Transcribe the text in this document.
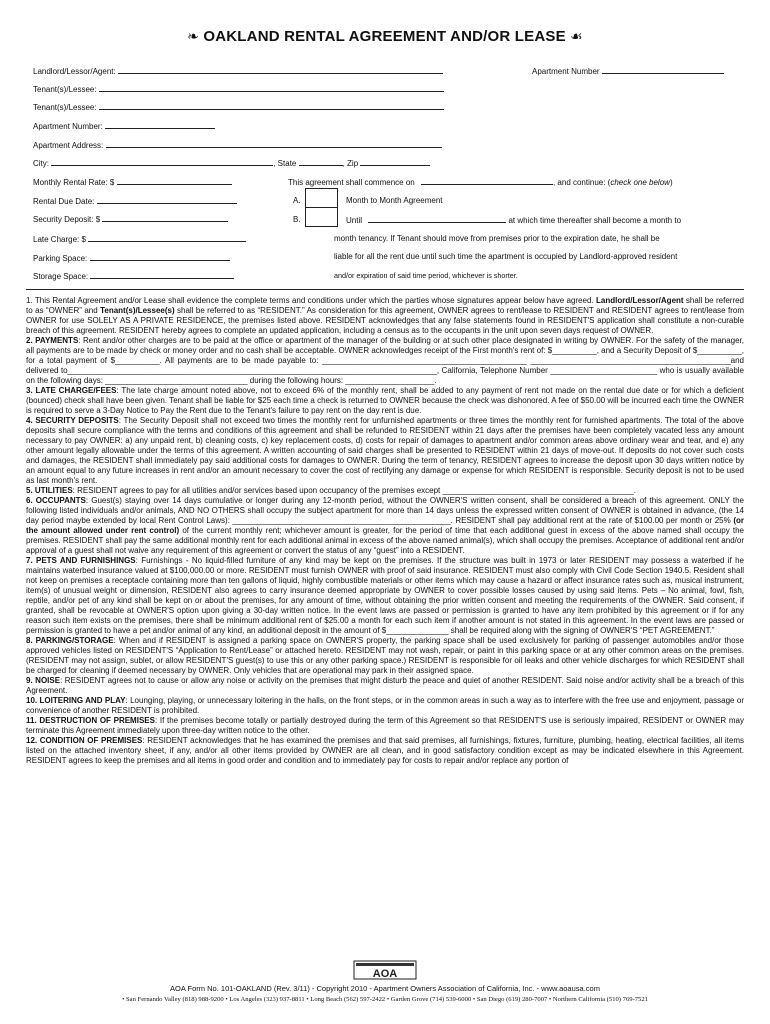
❧ OAKLAND RENTAL AGREEMENT AND/OR LEASE ☙
Landlord/Lessor/Agent:	Apartment Number
Tenant(s)/Lessee:
Tenant(s)/Lessee:
Apartment Number:
Apartment Address:
City:	, State	, Zip
Monthly Rental Rate: $
Rental Due Date:
Security Deposit: $
Late Charge: $
Parking Space:
Storage Space:
This agreement shall commence on	, and continue: (check one below)
A.	Month to Month Agreement
B.	Until	at which time thereafter shall become a month to
month tenancy. If Tenant should move from premises prior to the expiration date, he shall be
liable for all the rent due until such time the apartment is occupied by Landlord-approved resident
and/or expiration of said time period, whichever is shorter.

1. This Rental Agreement and/or Lease shall evidence the complete terms and conditions under which the parties whose signatures appear below have agreed. Landlord/Lessor/Agent shall be referred to as “OWNER” and Tenant(s)/Lessee(s) shall be referred to as “RESIDENT.” As consideration for this agreement, OWNER agrees to rent/lease to RESIDENT and RESIDENT agrees to rent/lease from OWNER for use SOLELY AS A PRIVATE RESIDENCE, the premises listed above. RESIDENT acknowledges that any false statements found in RESIDENT'S application shall constitute a non-curable breach of this agreement. RESIDENT hereby agrees to complete an updated application, including a census as to the occupants in the unit upon seven days request of OWNER.

2. PAYMENTS: Rent and/or other charges are to be paid at the office or apartment of the manager of the building or at such other place designated in writing by OWNER. For the safety of the manager, all payments are to be made by check or money order and no cash shall be acceptable. OWNER acknowledges receipt of the First month's rent of: $__________, and a Security Deposit of $__________, for a total payment of $__________. All payments are to be made payable to: ______________________________________________ _____________________________________________and delivered to___________________________________________________________________________________, California, Telephone Number ________________________ who is usually available on the following days: ________________________________ during the following hours: ____________________.

3. LATE CHARGE/FEES: The late charge amount noted above, not to exceed 6% of the monthly rent, shall be added to any payment of rent not made on the rental due date or for which a deficient (bounced) check shall have been given. Tenant shall be liable for $25 each time a check is returned to OWNER because the check was dishonored. A fee of $50.00 will be incurred each time the OWNER is required to serve a 3-Day Notice to Pay the Rent due to the Tenant's failure to pay rent on the day rent is due.

4. SECURITY DEPOSITS: The Security Deposit shall not exceed two times the monthly rent for unfurnished apartments or three times the monthly rent for furnished apartments. The total of the above deposits shall secure compliance with the terms and conditions of this agreement and shall be refunded to RESIDENT within 21 days after the premises have been completely vacated less any amount necessary to pay OWNER: a) any unpaid rent, b) cleaning costs, c) key replacement costs, d) costs for repair of damages to apartment and/or common areas above ordinary wear and tear, and e) any other amount legally allowable under the terms of this agreement. A written accounting of said charges shall be presented to RESIDENT within 21 days of move-out. If deposits do not cover such costs and damages, the RESIDENT shall immediately pay said additional costs for damages to OWNER. During the term of tenancy, RESIDENT agrees to increase the deposit upon 30 days written notice by an amount equal to any future increases in rent and/or an amount necessary to cover the cost of rectifying any damage or expense for which RESIDENT is responsible. Security deposit is not to be used as last month's rent.

5. UTILITIES: RESIDENT agrees to pay for all utilities and/or services based upon occupancy of the premises except ___________________________________________.

6. OCCUPANTS: Guest(s) staying over 14 days cumulative or longer during any 12-month period, without the OWNER'S written consent, shall be considered a breach of this agreement. ONLY the following listed individuals and/or animals, AND NO OTHERS shall occupy the subject apartment for more than 14 days unless the expressed written consent of OWNER is obtained in advance, (the 14 day period maybe extended by local Rent Control Laws): _________________________________________________. RESIDENT shall pay additional rent at the rate of $100.00 per month or 25% (or the amount allowed under rent control) of the current monthly rent; whichever amount is greater, for the period of time that each additional guest in excess of the above named shall occupy the premises. RESIDENT shall pay the same additional monthly rent for each additional animal in excess of the above named animal(s), which shall occupy the premises. Acceptance of additional rent and/or approval of a guest shall not waive any requirement of this agreement or convert the status of any “guest” into a RESIDENT.

7. PETS AND FURNISHINGS: Furnishings - No liquid-filled furniture of any kind may be kept on the premises. If the structure was built in 1973 or later RESIDENT may possess a waterbed if he maintains waterbed insurance valued at $100,000.00 or more. RESIDENT must furnish OWNER with proof of said insurance. RESIDENT must also comply with Civil Code Section 1940.5. Resident shall not keep on premises a receptacle containing more than ten gallons of liquid, highly combustible materials or other items which may cause a hazard or affect insurance rates such as, musical instrument, item(s) of unusual weight or dimension, RESIDENT also agrees to carry insurance deemed appropriate by OWNER to cover possible losses caused by using said items. Pets – No animal, fowl, fish, reptile, and/or pet of any kind shall be kept on or about the premises, for any amount of time, without obtaining the prior written consent and meeting the requirements of the OWNER. Said consent, if granted, shall be revocable at OWNER'S option upon giving a 30-day written notice. In the event laws are passed or permission is granted to have any item prohibited by this agreement or if for any reason such item exists on the premises, there shall be minimum additional rent of $25.00 a month for each such item if another amount is not stated in this agreement. In the event laws are passed or permission is granted to have a pet and/or animal of any kind, an additional deposit in the amount of $______________ shall be required along with the signing of OWNER'S “PET AGREEMENT.”

8. PARKING/STORAGE: When and if RESIDENT is assigned a parking space on OWNER'S property, the parking space shall be used exclusively for parking of passenger automobiles and/or those approved vehicles listed on RESIDENT'S “Application to Rent/Lease” or attached hereto. RESIDENT may not wash, repair, or paint in this parking space or at any other common areas on the premises. (RESIDENT may not assign, sublet, or allow RESIDENT'S guest(s) to use this or any other parking space.) RESIDENT is responsible for oil leaks and other vehicle discharges for which RESIDENT shall be charged for cleaning if deemed necessary by OWNER. Only vehicles that are operational may park in their assigned space.

9. NOISE: RESIDENT agrees not to cause or allow any noise or activity on the premises that might disturb the peace and quiet of another RESIDENT. Said noise and/or activity shall be a breach of this Agreement.

10. LOITERING AND PLAY: Lounging, playing, or unnecessary loitering in the halls, on the front steps, or in the common areas in such a way as to interfere with the free use and enjoyment, passage or convenience of another RESIDENT is prohibited.

11. DESTRUCTION OF PREMISES: If the premises become totally or partially destroyed during the term of this Agreement so that RESIDENT'S use is seriously impaired, RESIDENT or OWNER may terminate this Agreement immediately upon three-day written notice to the other.

12. CONDITION OF PREMISES: RESIDENT acknowledges that he has examined the premises and that said premises, all furnishings, fixtures, furniture, plumbing, heating, electrical facilities, all items listed on the attached inventory sheet, if any, and/or all other items provided by OWNER are all clean, and in good satisfactory condition except as may be indicated elsewhere in this Agreement. RESIDENT agrees to keep the premises and all items in good order and condition and to immediately pay for costs to repair and/or replace any portion of

AOA
AOA Form No. 101-OAKLAND (Rev. 3/11) - Copyright 2010 - Apartment Owners Association of California, Inc. - www.aoausa.com
• San Fernando Valley (818) 988-9200 • Los Angeles (323) 937-8811 • Long Beach (562) 597-2422 • Garden Grove (714) 539-6000 • San Diego (619) 280-7007 • Northern California (510) 769-7521
